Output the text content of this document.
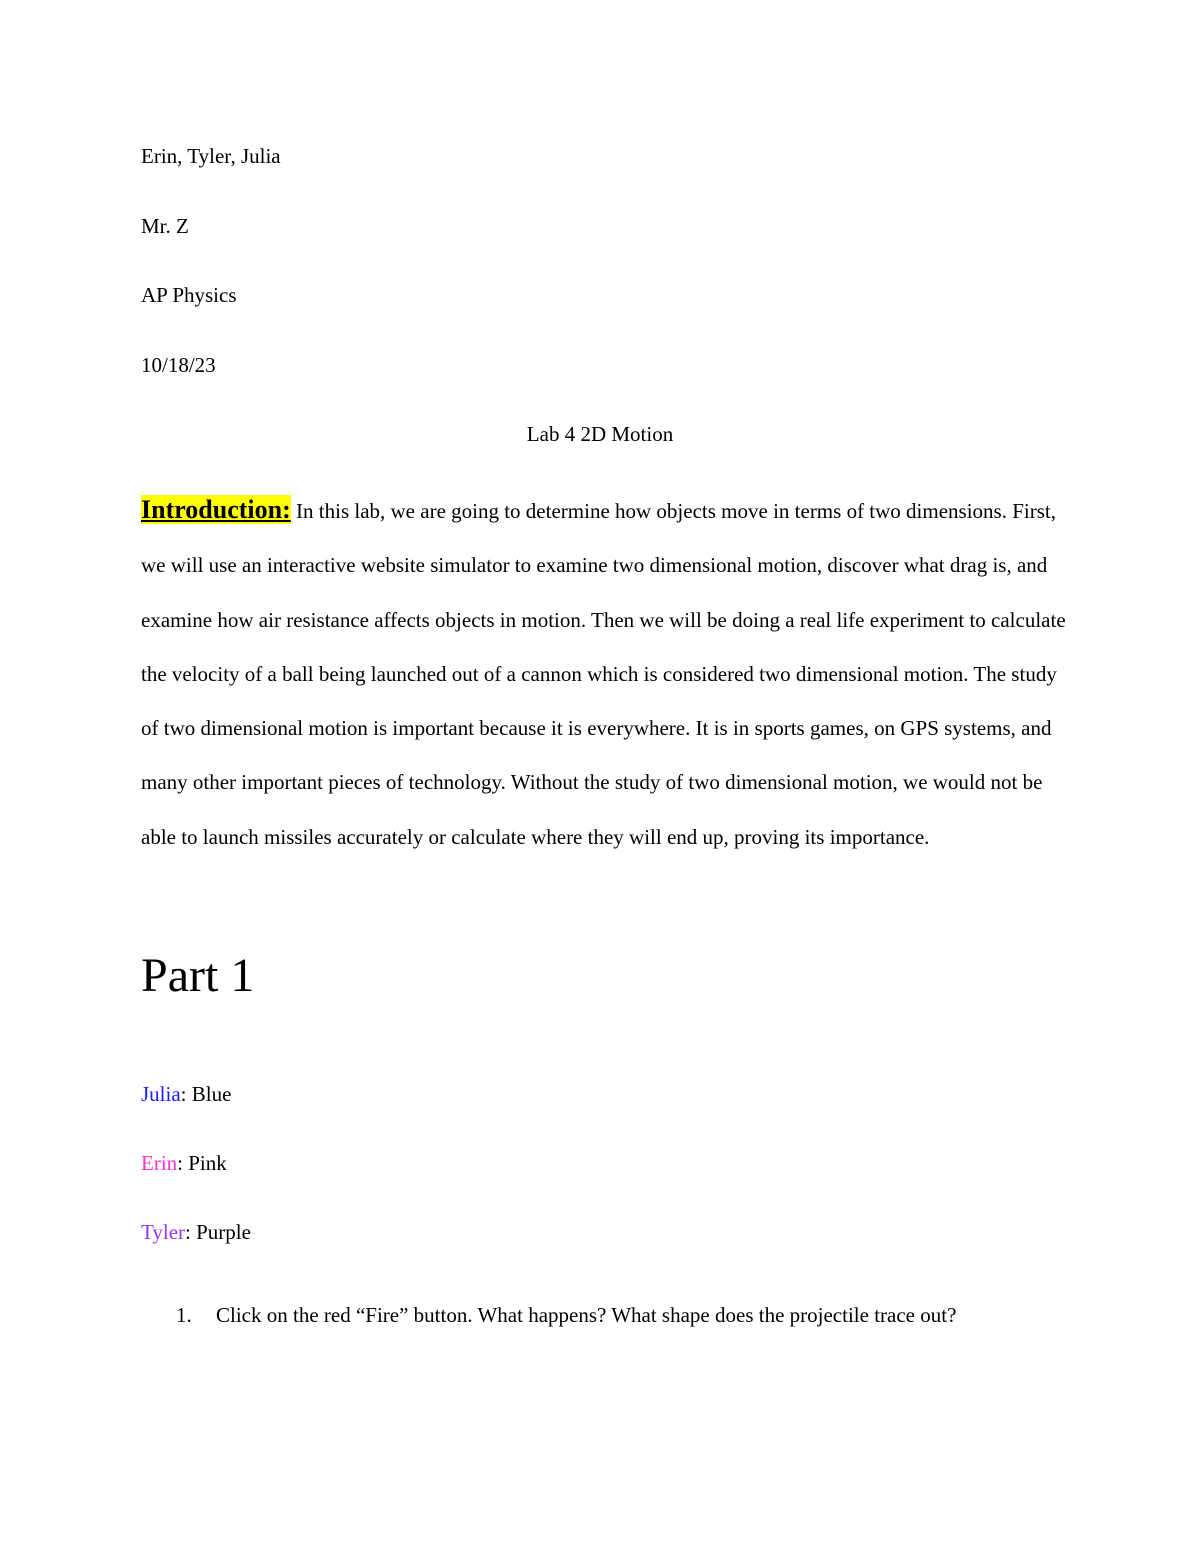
Erin, Tyler, Julia
Mr. Z
AP Physics
10/18/23
Lab 4 2D Motion
Introduction: In this lab, we are going to determine how objects move in terms of two dimensions. First, we will use an interactive website simulator to examine two dimensional motion, discover what drag is, and examine how air resistance affects objects in motion. Then we will be doing a real life experiment to calculate the velocity of a ball being launched out of a cannon which is considered two dimensional motion. The study of two dimensional motion is important because it is everywhere. It is in sports games, on GPS systems, and many other important pieces of technology. Without the study of two dimensional motion, we would not be able to launch missiles accurately or calculate where they will end up, proving its importance.
Part 1
Julia: Blue
Erin: Pink
Tyler: Purple
1. Click on the red “Fire” button. What happens? What shape does the projectile trace out?
